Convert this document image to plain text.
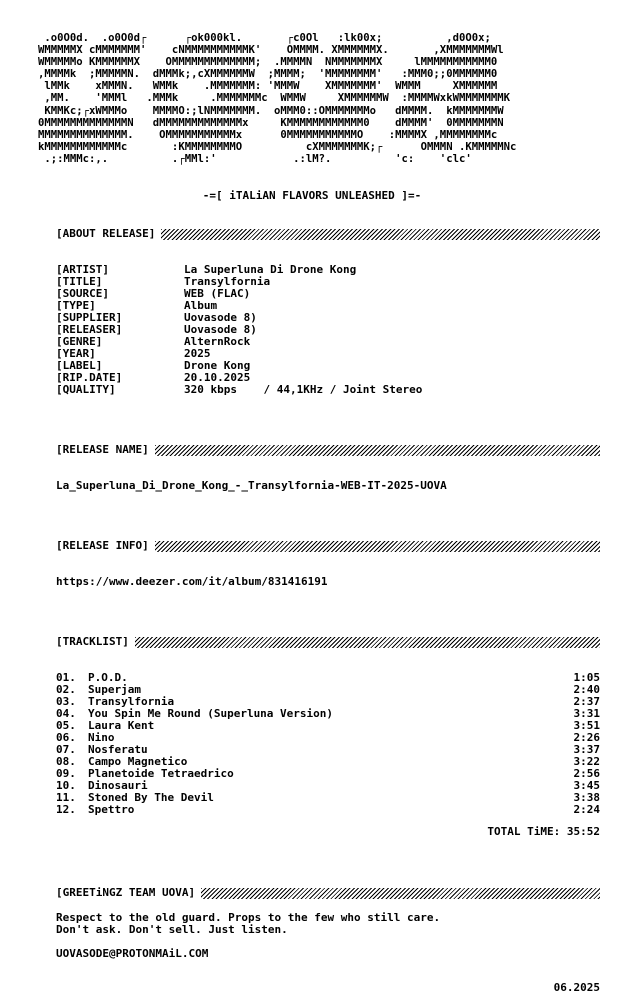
.o0O0d.  .o0O0d┌      ┌ok000kl.       ┌c0Ol   :lk00x;          ,d0O0x;
WMMMMMX cMMMMMMM'    cNMMMMMMMMMMK'    OMMMM. XMMMMMMX.       ,XMMMMMMMWl
WMMMMMo KMMMMMMX    OMMMMMMMMMMMMM;  .MMMMN  NMMMMMMMX     lMMMMMMMMMMM0
,MMMMk  ;MMMMMN.  dMMMk;,cXMMMMMMW  ;MMMM;  'MMMMMMMM'   :MMM0;;0MMMMMM0
lMMk    xMMMN.   WMMk    .MMMMMMM: 'MMMW    XMMMMMMM'  WMMM     XMMMMMM
,MM.    'MMMl   .MMMk     .MMMMMMMc  WMMW     XMMMMMMW  :MMMMWxkWMMMMMMMK
KMMKc;┌xWMMMo    MMMMO:;lNMMMMMMM.  oMMM0::OMMMMMMMo   dMMMM.  kMMMMMMMW
0MMMMMMMMMMMMMN   dMMMMMMMMMMMMMx     KMMMMMMMMMMMM0    dMMMM'  0MMMMMMMN
MMMMMMMMMMMMMM.    OMMMMMMMMMMMx      0MMMMMMMMMMMO    :MMMMX ,MMMMMMMMc
kMMMMMMMMMMMMc       :KMMMMMMMMO          cXMMMMMMMK;┌      OMMMN .KMMMMMNc
.;:MMMc:,.          .┌MMl:'            .:lM?.          'c:    'clc'
-=[ iTALiAN FLAVORS UNLEASHED ]=-
[ABOUT RELEASE]
[ARTIST]	La Superluna Di Drone Kong
[TITLE]	Transylfornia
[SOURCE]	WEB (FLAC)
[TYPE]	Album
[SUPPLIER]	Uovasode 8)
[RELEASER]	Uovasode 8)
[GENRE]	AlternRock
[YEAR]	2025
[LABEL]	Drone Kong
[RIP.DATE]	20.10.2025
[QUALITY]	320 kbps    / 44,1KHz / Joint Stereo
[RELEASE NAME]
La_Superluna_Di_Drone_Kong_-_Transylfornia-WEB-IT-2025-UOVA
[RELEASE INFO]
https://www.deezer.com/it/album/831416191
[TRACKLIST]
01. P.O.D.	1:05
02. Superjam	2:40
03. Transylfornia	2:37
04. You Spin Me Round (Superluna Version)	3:31
05. Laura Kent	3:51
06. Nino	2:26
07. Nosferatu	3:37
08. Campo Magnetico	3:22
09. Planetoide Tetraedrico	2:56
10. Dinosauri	3:45
11. Stoned By The Devil	3:38
12. Spettro	2:24
TOTAL TiME: 35:52
[GREETiNGZ TEAM UOVA]
Respect to the old guard. Props to the few who still care.
Don't ask. Don't sell. Just listen.
UOVASODE@PROTONMAiL.COM
06.2025
